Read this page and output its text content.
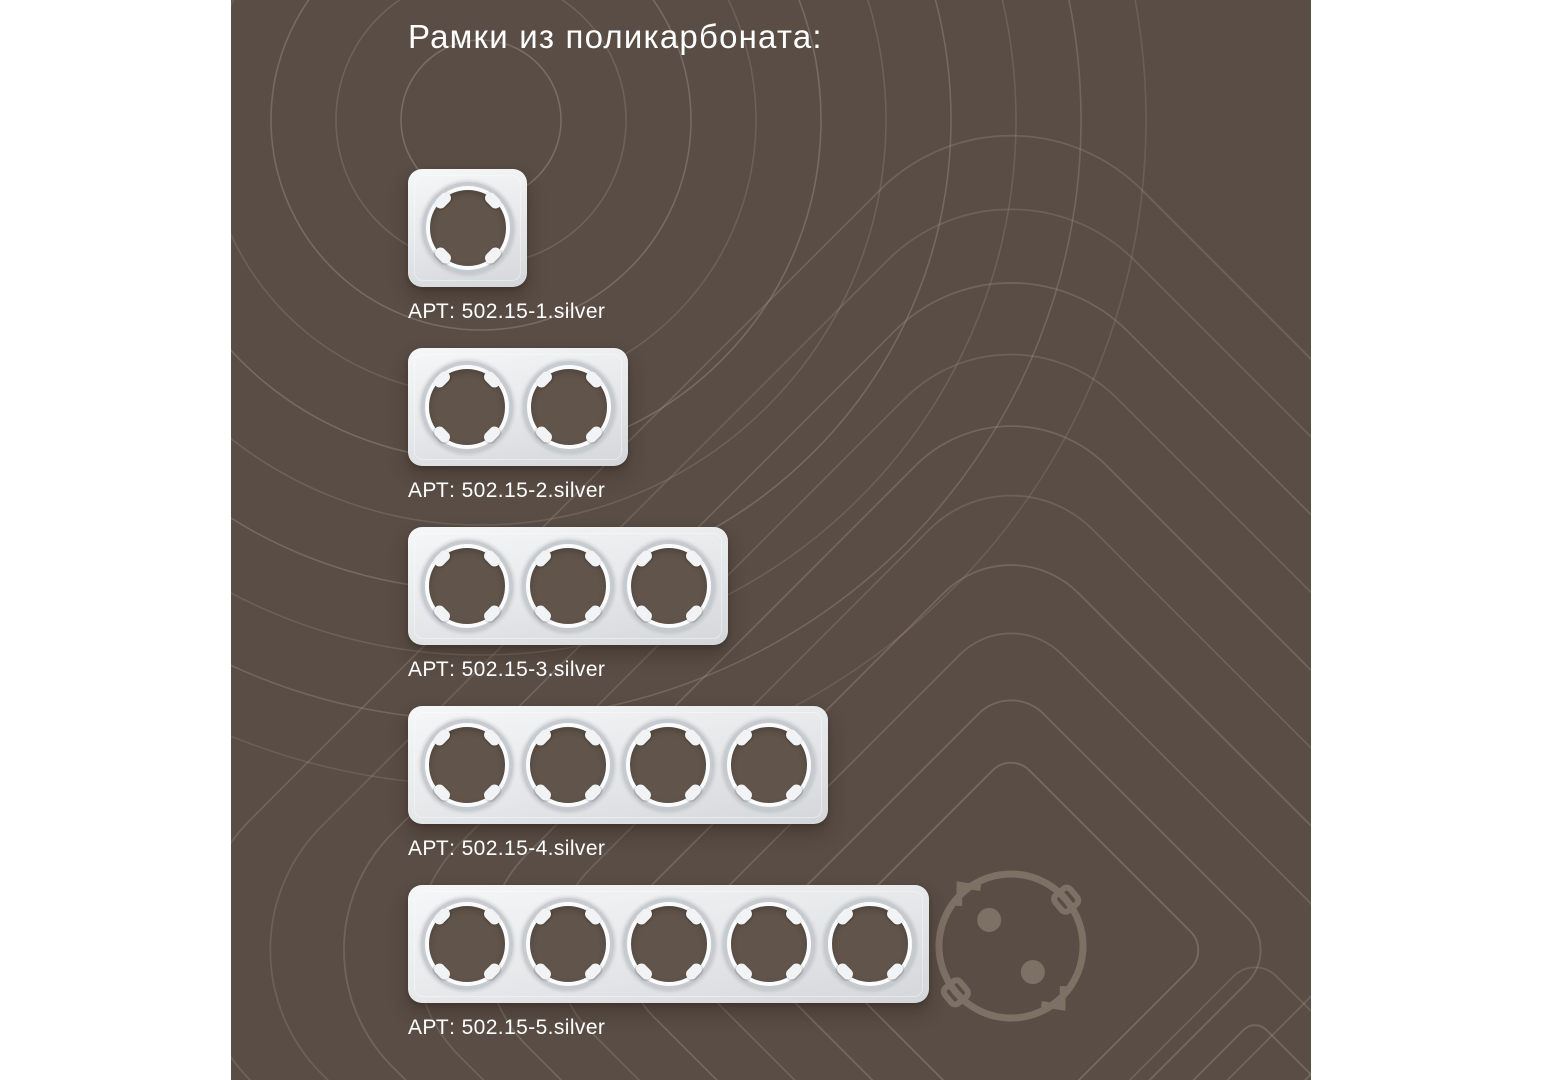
Рамки из поликарбоната:
АРТ: 502.15-1.silver
АРТ: 502.15-2.silver
АРТ: 502.15-3.silver
АРТ: 502.15-4.silver
АРТ: 502.15-5.silver
